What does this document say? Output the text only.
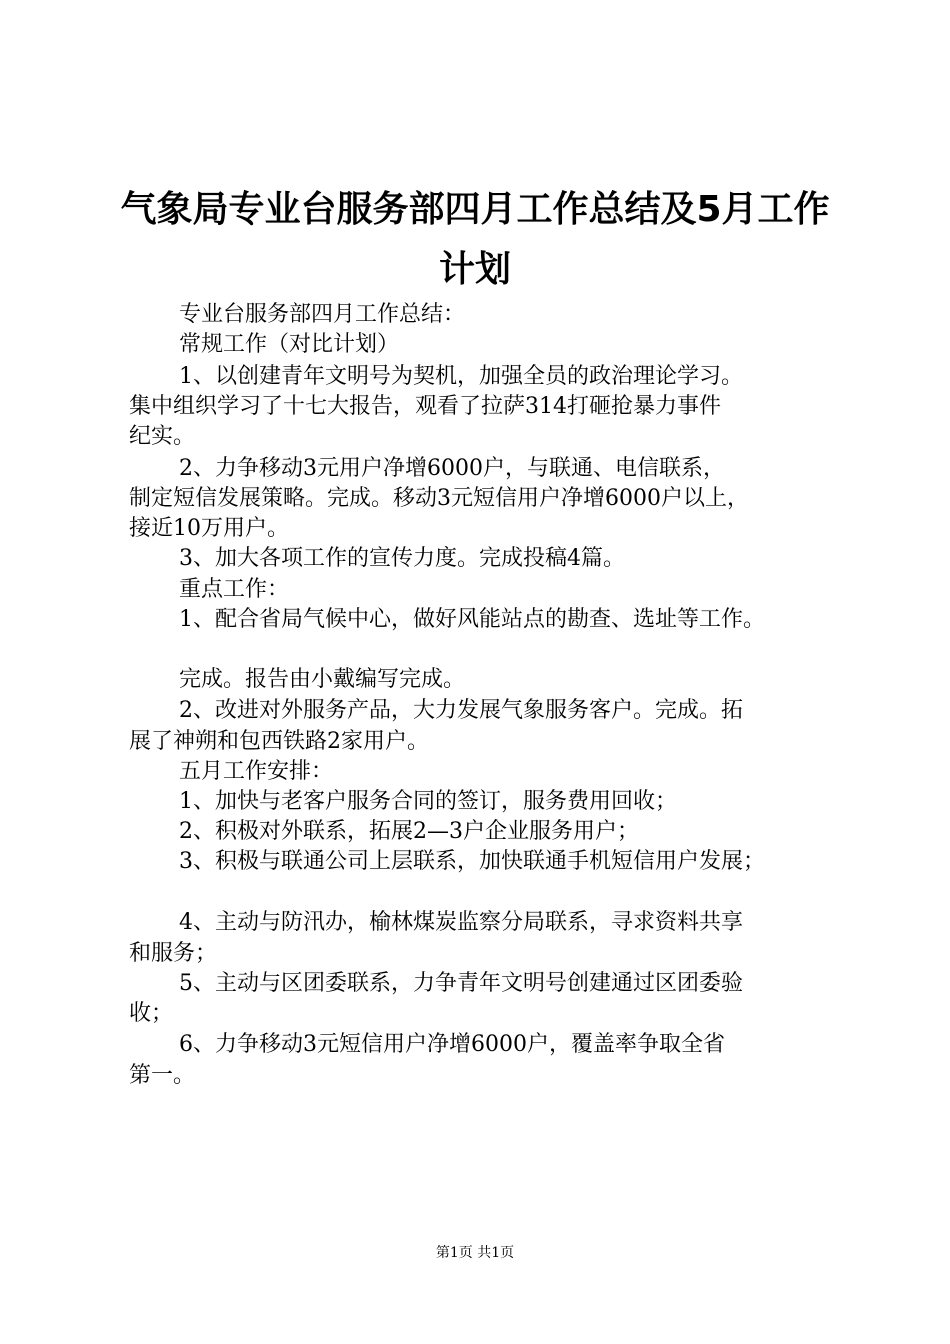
气象局专业台服务部四月工作总结及5月工作
计划
专业台服务部四月工作总结：
常规工作（对比计划）
1、以创建青年文明号为契机，加强全员的政治理论学习。
集中组织学习了十七大报告，观看了拉萨314打砸抢暴力事件
纪实。
2、力争移动3元用户净增6000户，与联通、电信联系，
制定短信发展策略。完成。移动3元短信用户净增6000户以上，
接近10万用户。
3、加大各项工作的宣传力度。完成投稿4篇。
重点工作：
1、配合省局气候中心，做好风能站点的勘查、选址等工作。
完成。报告由小戴编写完成。
2、改进对外服务产品，大力发展气象服务客户。完成。拓
展了神朔和包西铁路2家用户。
五月工作安排：
1、加快与老客户服务合同的签订，服务费用回收；
2、积极对外联系，拓展2—3户企业服务用户；
3、积极与联通公司上层联系，加快联通手机短信用户发展；
4、主动与防汛办，榆林煤炭监察分局联系，寻求资料共享
和服务；
5、主动与区团委联系，力争青年文明号创建通过区团委验
收；
6、力争移动3元短信用户净增6000户，覆盖率争取全省
第一。
第1页 共1页
